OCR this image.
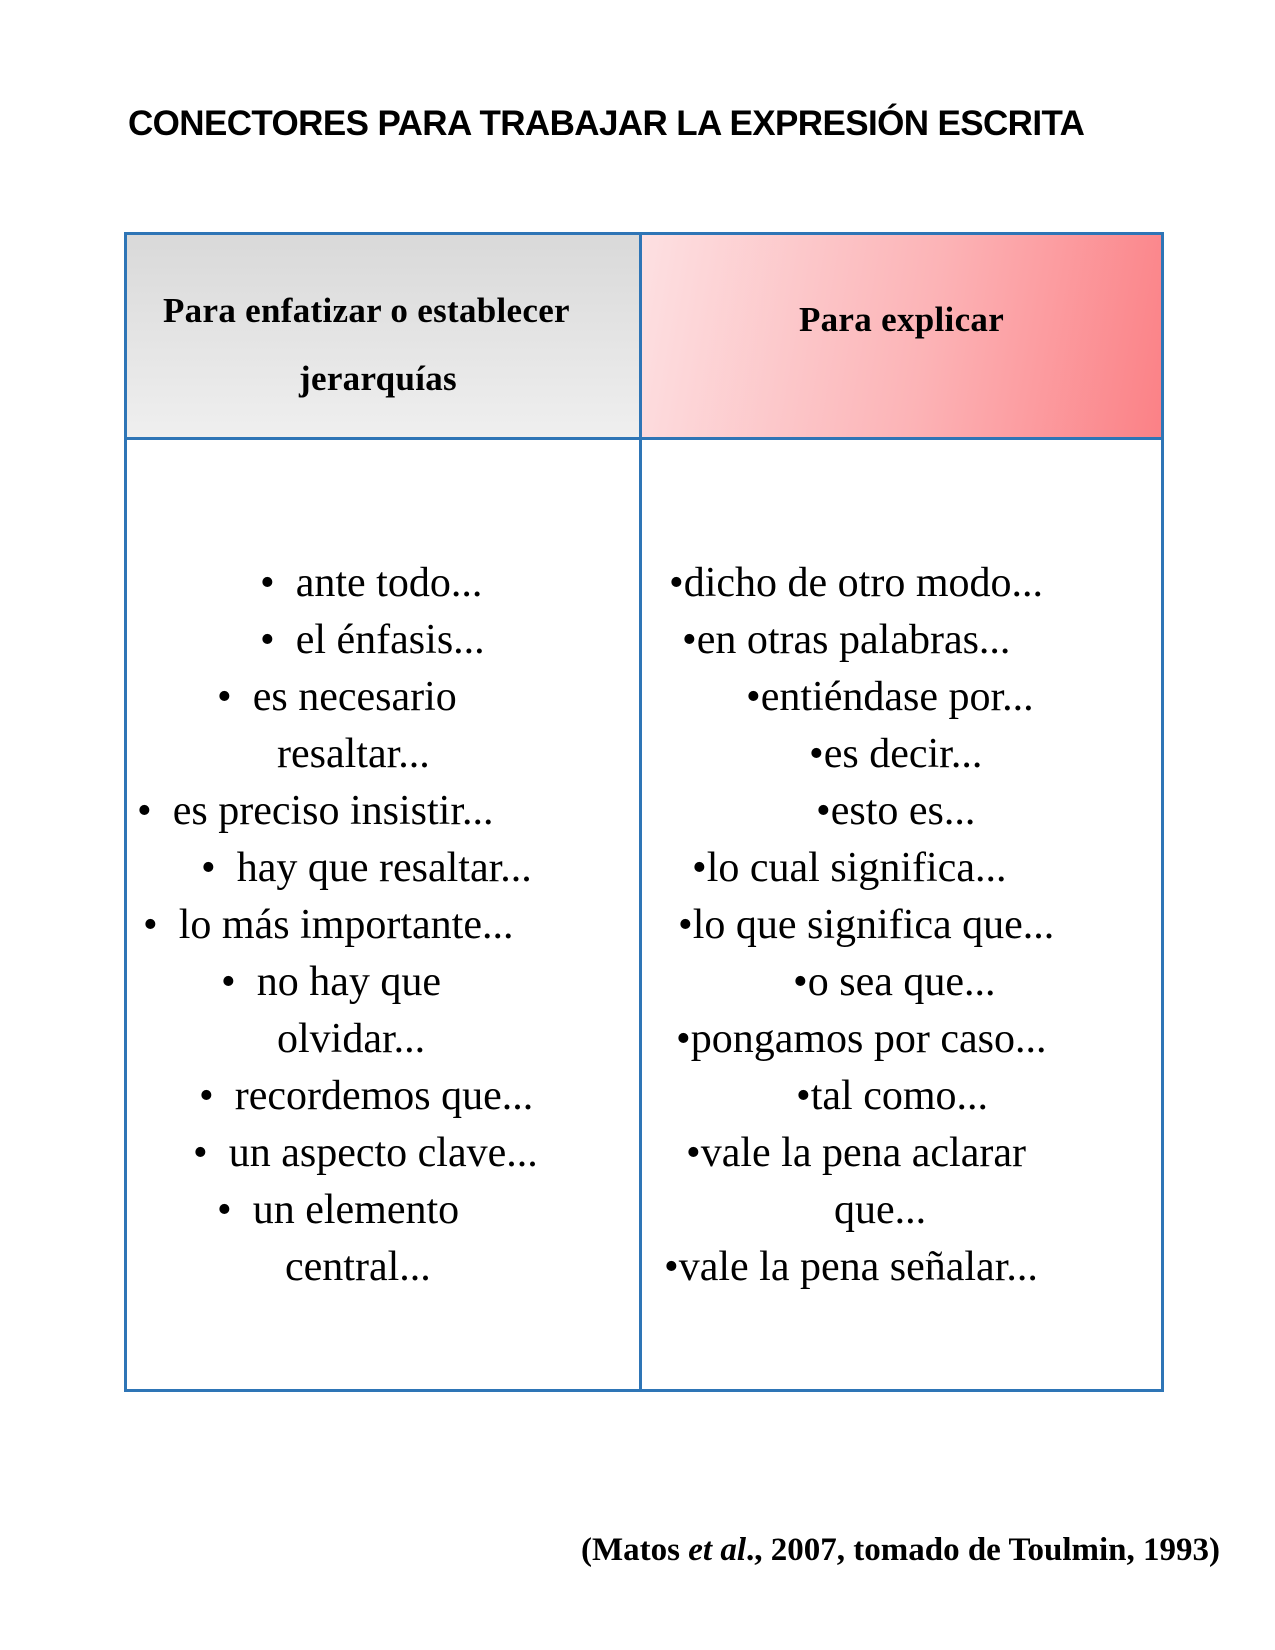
CONECTORES PARA TRABAJAR LA EXPRESIÓN ESCRITA
Para enfatizar o establecer
jerarquías
Para explicar
• ante todo...
• el énfasis...
• es necesario
resaltar...
• es preciso insistir...
• hay que resaltar...
• lo más importante...
• no hay que
olvidar...
• recordemos que...
• un aspecto clave...
• un elemento
central...
•dicho de otro modo...
•en otras palabras...
•entiéndase por...
•es decir...
•esto es...
•lo cual significa...
•lo que significa que...
•o sea que...
•pongamos por caso...
•tal como...
•vale la pena aclarar
que...
•vale la pena señalar...
(Matos et al., 2007, tomado de Toulmin, 1993)
